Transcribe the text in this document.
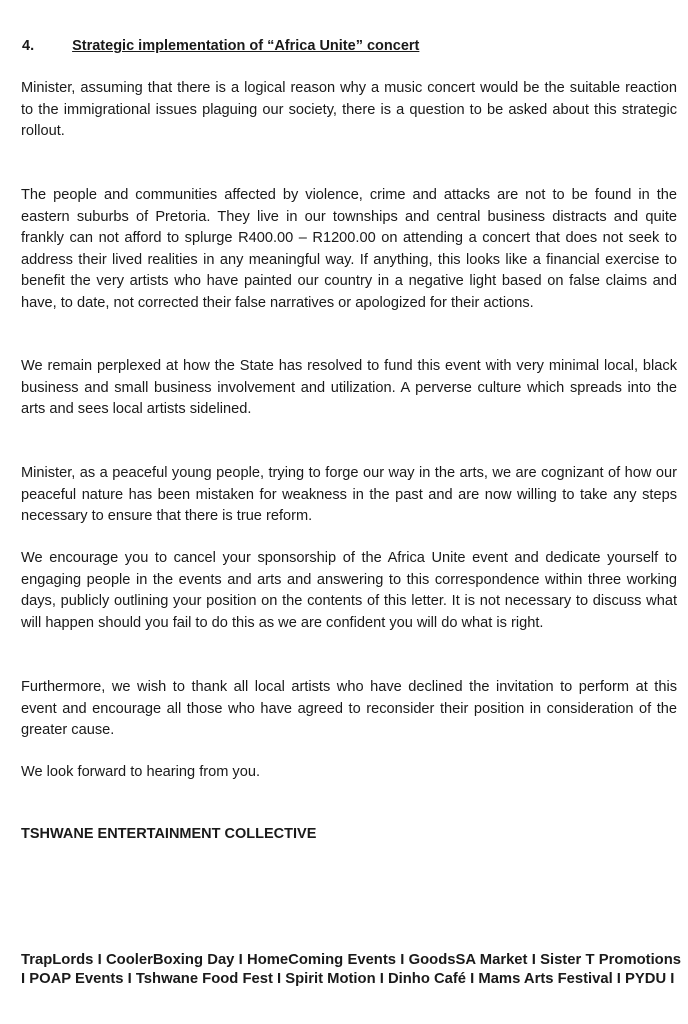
4.	Strategic implementation of “Africa Unite” concert

Minister, assuming that there is a logical reason why a music concert would be the suitable reaction to the immigrational issues plaguing our society, there is a question to be asked about this strategic rollout.

The people and communities affected by violence, crime and attacks are not to be found in the eastern suburbs of Pretoria. They live in our townships and central business distracts and quite frankly can not afford to splurge R400.00 – R1200.00 on attending a concert that does not seek to address their lived realities in any meaningful way. If anything, this looks like a financial exercise to benefit the very artists who have painted our country in a negative light based on false claims and have, to date, not corrected their false narratives or apologized for their actions.

We remain perplexed at how the State has resolved to fund this event with very minimal local, black business and small business involvement and utilization. A perverse culture which spreads into the arts and sees local artists sidelined.

Minister, as a peaceful young people, trying to forge our way in the arts, we are cognizant of how our peaceful nature has been mistaken for weakness in the past and are now willing to take any steps necessary to ensure that there is true reform.

We encourage you to cancel your sponsorship of the Africa Unite event and dedicate yourself to engaging people in the events and arts and answering to this correspondence within three working days, publicly outlining your position on the contents of this letter. It is not necessary to discuss what will happen should you fail to do this as we are confident you will do what is right.

Furthermore, we wish to thank all local artists who have declined the invitation to perform at this event and encourage all those who have agreed to reconsider their position in consideration of the greater cause.

We look forward to hearing from you.

TSHWANE ENTERTAINMENT COLLECTIVE

TrapLords I CoolerBoxing Day I HomeComing Events I GoodsSA Market I Sister T Promotions I POAP Events I Tshwane Food Fest I Spirit Motion I Dinho Café I Mams Arts Festival I PYDU I
